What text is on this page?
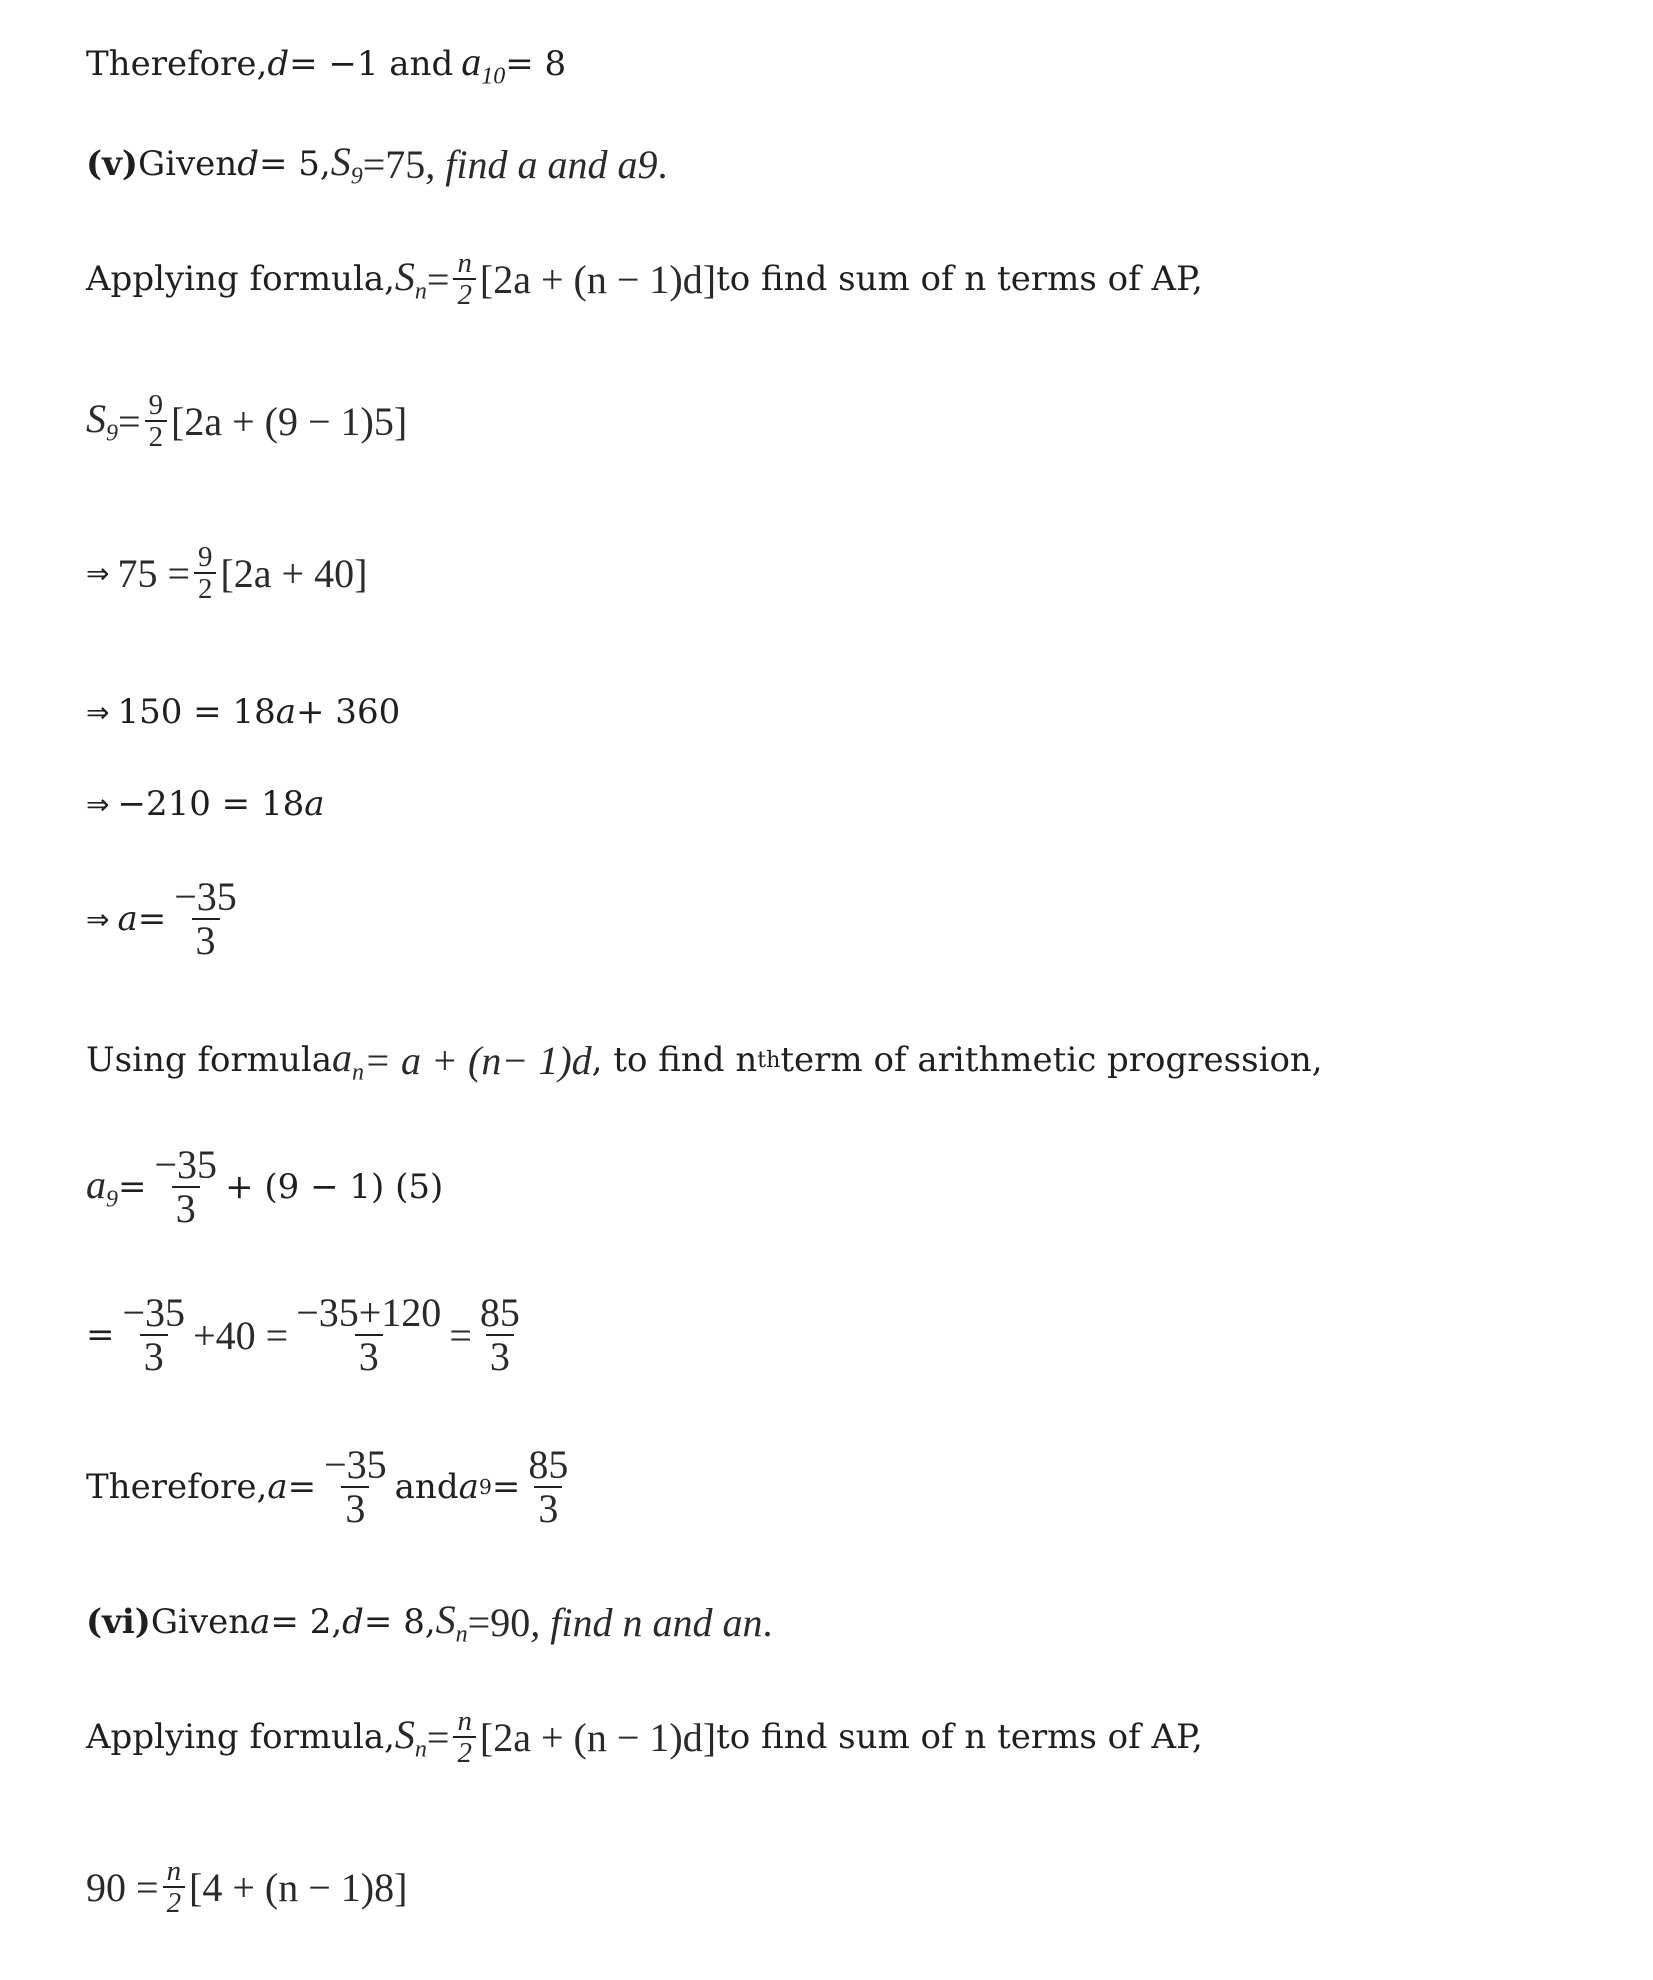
Therefore, d = −1 and $a_{10} = 8$
(v) Given d = 5, $S_9 = 75$ , find a and a 9 .
Applying formula, $S_n = \frac{n}{2} [2a + (n - 1)d]$ to find sum of n terms of AP,
$S_9 = \frac{9}{2} [2a + (9 - 1)5]$
⇒ $75 = \frac{9}{2} [2a + 40]$
⇒ 150 = 18 a + 360
⇒ −210 = 18 a
⇒ $a = \frac{-35}{3}$
Using formula $a_n = a + (n- 1)d$ , to find n th term of arithmetic progression,
$a_9 = \frac{-35}{3} + (9 - 1)$ (5)
= $\frac{-35}{3} +40 = \frac{-35+120}{3} = \frac{85}{3}$
Therefore, $a = \frac{-35}{3}$ and a $9 = \frac{85}{3}$
(vi) Given a = 2, d = 8, $S_n = 90$ , find n and a n .
Applying formula, $S_n = \frac{n}{2} [2a + (n - 1)d]$ to find sum of n terms of AP,
$90 = \frac{n}{2} [4 + (n - 1)8]$
